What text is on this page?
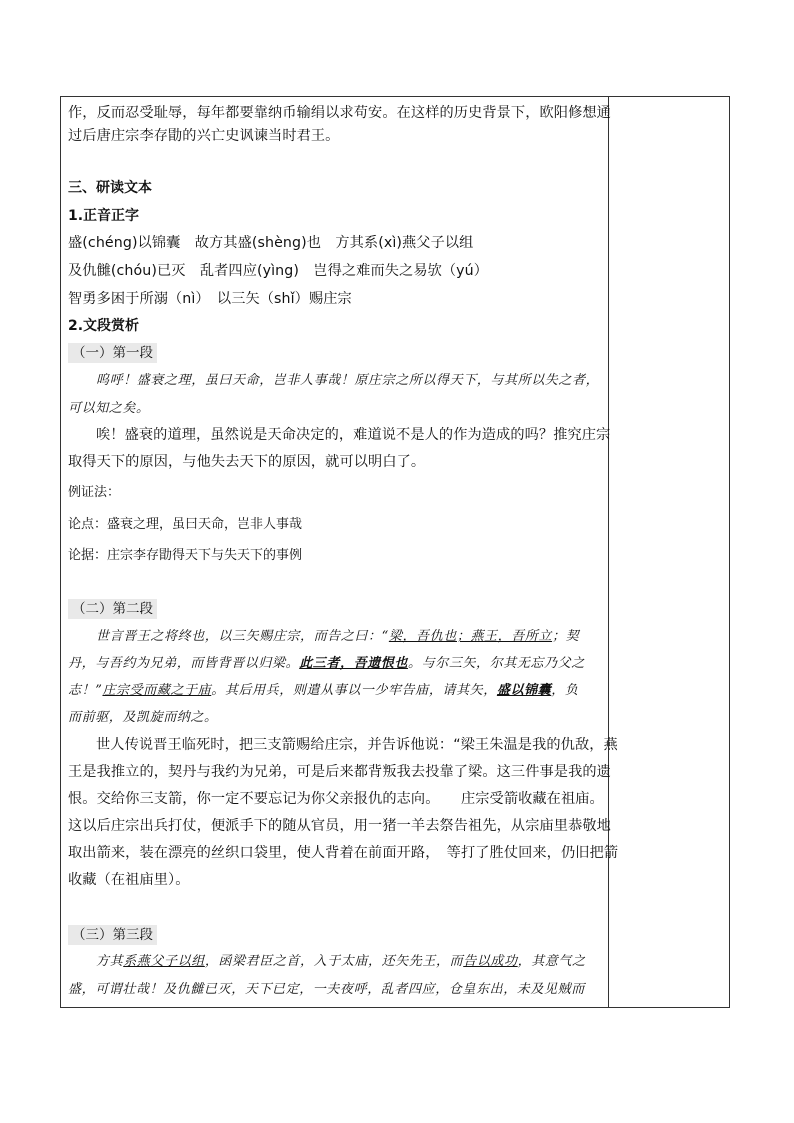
作，反而忍受耻辱，每年都要靠纳币输绢以求苟安。在这样的历史背景下，欧阳修想通
过后唐庄宗李存勖的兴亡史讽谏当时君王。
三、研读文本
1.正音正字
盛(chéng)以锦囊　故方其盛(shèng)也　方其系(xì)燕父子以组
及仇雠(chóu)已灭　乱者四应(yìng)　岂得之难而失之易欤（yú）
智勇多困于所溺（nì）　以三矢（shǐ）赐庄宗
2.文段赏析
（一）第一段
呜呼！盛衰之理，虽曰天命，岂非人事哉！原庄宗之所以得天下，与其所以失之者，
可以知之矣。
唉！盛衰的道理，虽然说是天命决定的，难道说不是人的作为造成的吗？推究庄宗
取得天下的原因，与他失去天下的原因，就可以明白了。
例证法：
论点：盛衰之理，虽曰天命，岂非人事哉
论据：庄宗李存勖得天下与失天下的事例
（二）第二段
世言晋王之将终也，以三矢赐庄宗，而告之曰：“梁，吾仇也；燕王，吾所立；契
丹，与吾约为兄弟，而皆背晋以归梁。此三者，吾遗恨也。与尔三矢，尔其无忘乃父之
志！”庄宗受而藏之于庙。其后用兵，则遣从事以一少牢告庙，请其矢，盛以锦囊，负
而前驱，及凯旋而纳之。
世人传说晋王临死时，把三支箭赐给庄宗，并告诉他说：“梁王朱温是我的仇敌，燕
王是我推立的，契丹与我约为兄弟，可是后来都背叛我去投靠了梁。这三件事是我的遗
恨。交给你三支箭，你一定不要忘记为你父亲报仇的志向。　　庄宗受箭收藏在祖庙。
这以后庄宗出兵打仗，便派手下的随从官员，用一猪一羊去祭告祖先，从宗庙里恭敬地
取出箭来，装在漂亮的丝织口袋里，使人背着在前面开路，　等打了胜仗回来，仍旧把箭
收藏（在祖庙里）。
（三）第三段
方其系燕父子以组，函梁君臣之首，入于太庙，还矢先王，而告以成功，其意气之
盛，可谓壮哉！及仇雠已灭，天下已定，一夫夜呼，乱者四应，仓皇东出，未及见贼而
